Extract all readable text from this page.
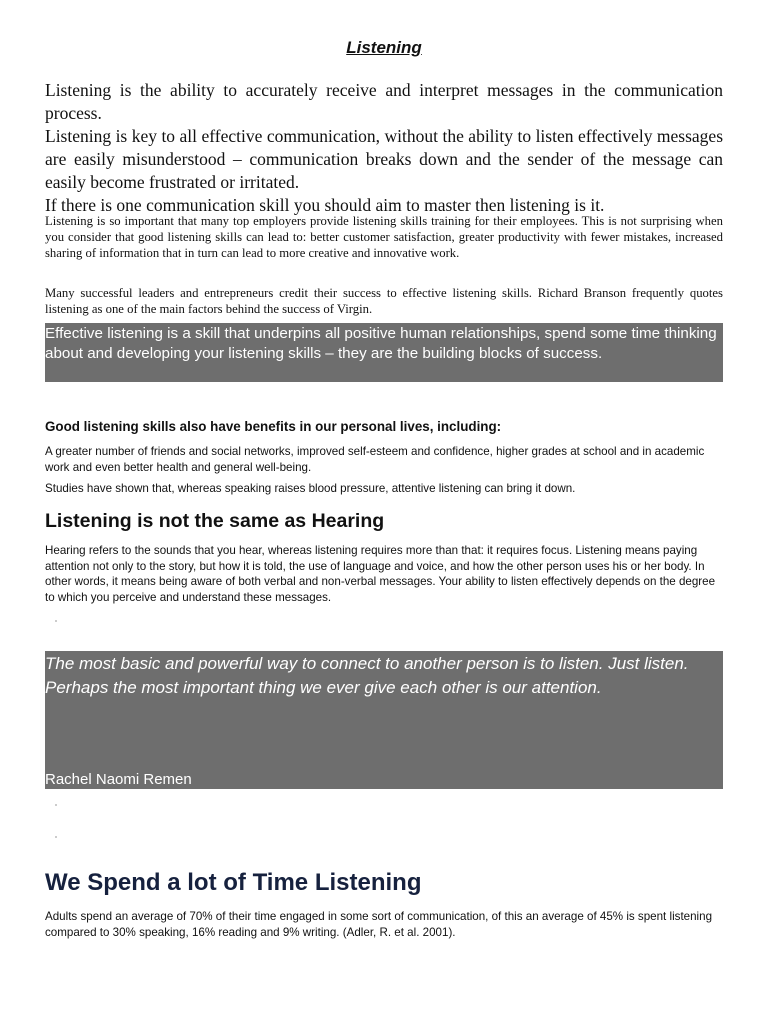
Listening

Listening is the ability to accurately receive and interpret messages in the communication process.

Listening is key to all effective communication, without the ability to listen effectively messages are easily misunderstood – communication breaks down and the sender of the message can easily become frustrated or irritated.

If there is one communication skill you should aim to master then listening is it.

Listening is so important that many top employers provide listening skills training for their employees. This is not surprising when you consider that good listening skills can lead to: better customer satisfaction, greater productivity with fewer mistakes, increased sharing of information that in turn can lead to more creative and innovative work.

Many successful leaders and entrepreneurs credit their success to effective listening skills. Richard Branson frequently quotes listening as one of the main factors behind the success of Virgin.

Effective listening is a skill that underpins all positive human relationships, spend some time thinking about and developing your listening skills – they are the building blocks of success.
Good listening skills also have benefits in our personal lives, including:

A greater number of friends and social networks, improved self-esteem and confidence, higher grades at school and in academic work and even better health and general well-being.

Studies have shown that, whereas speaking raises blood pressure, attentive listening can bring it down.

Listening is not the same as Hearing

Hearing refers to the sounds that you hear, whereas listening requires more than that: it requires focus. Listening means paying attention not only to the story, but how it is told, the use of language and voice, and how the other person uses his or her body. In other words, it means being aware of both verbal and non-verbal messages. Your ability to listen effectively depends on the degree to which you perceive and understand these messages.

The most basic and powerful way to connect to another person is to listen. Just listen. Perhaps the most important thing we ever give each other is our attention.
Rachel Naomi Remen
We Spend a lot of Time Listening

Adults spend an average of 70% of their time engaged in some sort of communication, of this an average of 45% is spent listening compared to 30% speaking, 16% reading and 9% writing. (Adler, R. et al. 2001).
